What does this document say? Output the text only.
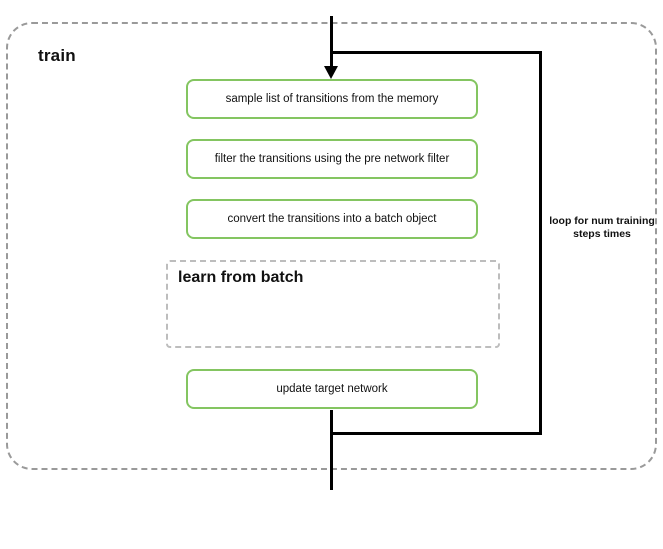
train
loop for num training steps times
sample list of transitions from the memory
filter the transitions using the pre network filter
convert the transitions into a batch object
learn from batch
update target network
